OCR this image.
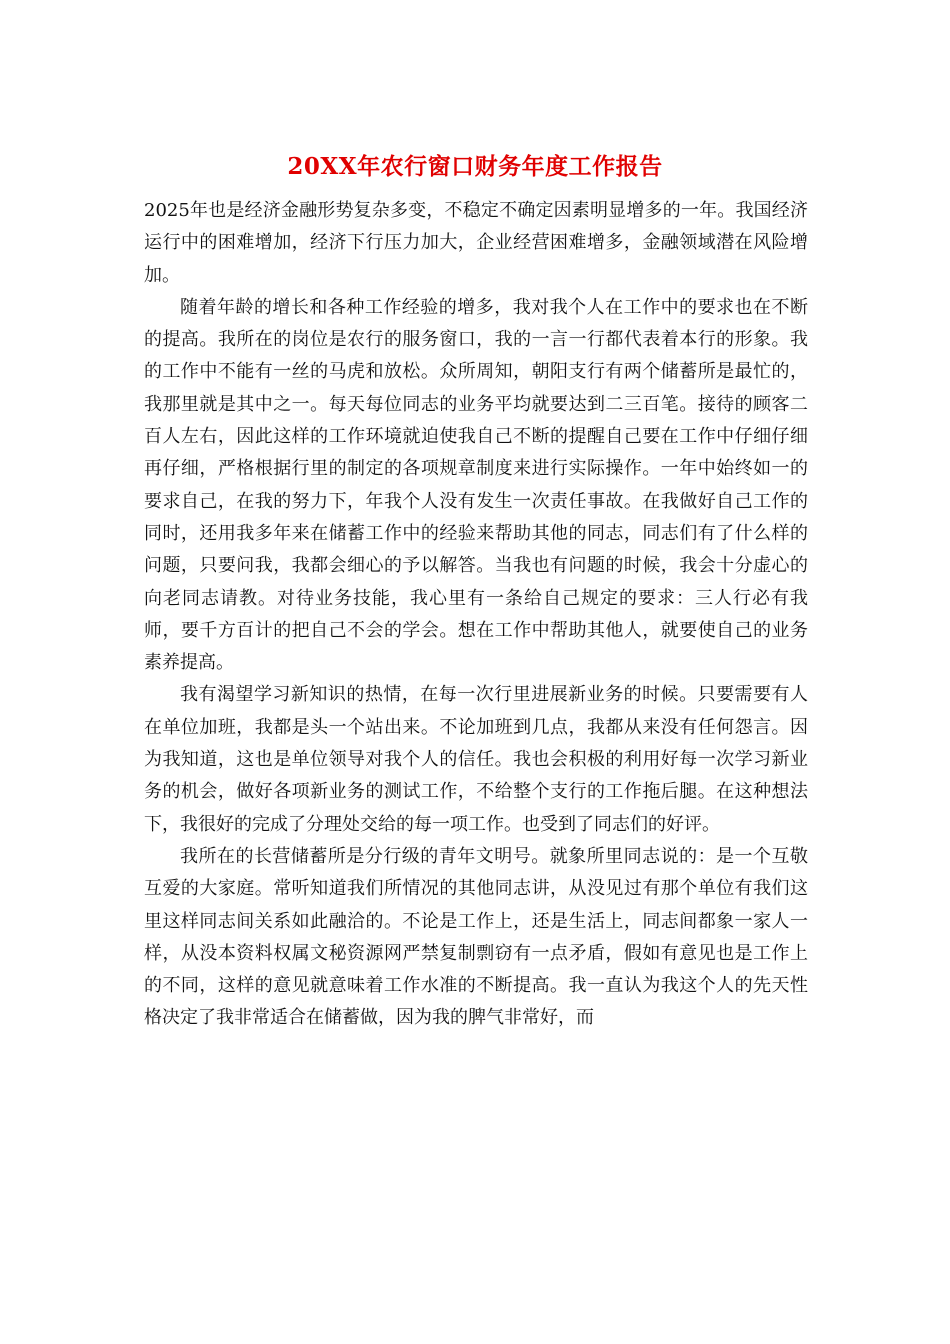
20XX年农行窗口财务年度工作报告

2025年也是经济金融形势复杂多变，不稳定不确定因素明显增多的一年。我国经济运行中的困难增加，经济下行压力加大，企业经营困难增多，金融领域潜在风险增加。

随着年龄的增长和各种工作经验的增多，我对我个人在工作中的要求也在不断的提高。我所在的岗位是农行的服务窗口，我的一言一行都代表着本行的形象。我的工作中不能有一丝的马虎和放松。众所周知，朝阳支行有两个储蓄所是最忙的，我那里就是其中之一。每天每位同志的业务平均就要达到二三百笔。接待的顾客二百人左右，因此这样的工作环境就迫使我自己不断的提醒自己要在工作中仔细仔细再仔细，严格根据行里的制定的各项规章制度来进行实际操作。一年中始终如一的要求自己，在我的努力下，年我个人没有发生一次责任事故。在我做好自己工作的同时，还用我多年来在储蓄工作中的经验来帮助其他的同志，同志们有了什么样的问题，只要问我，我都会细心的予以解答。当我也有问题的时候，我会十分虚心的向老同志请教。对待业务技能，我心里有一条给自己规定的要求：三人行必有我师，要千方百计的把自己不会的学会。想在工作中帮助其他人，就要使自己的业务素养提高。

我有渴望学习新知识的热情，在每一次行里进展新业务的时候。只要需要有人在单位加班，我都是头一个站出来。不论加班到几点，我都从来没有任何怨言。因为我知道，这也是单位领导对我个人的信任。我也会积极的利用好每一次学习新业务的机会，做好各项新业务的测试工作，不给整个支行的工作拖后腿。在这种想法下，我很好的完成了分理处交给的每一项工作。也受到了同志们的好评。

我所在的长营储蓄所是分行级的青年文明号。就象所里同志说的：是一个互敬互爱的大家庭。常听知道我们所情况的其他同志讲，从没见过有那个单位有我们这里这样同志间关系如此融洽的。不论是工作上，还是生活上，同志间都象一家人一样，从没本资料权属文秘资源网严禁复制剽窃有一点矛盾，假如有意见也是工作上的不同，这样的意见就意味着工作水准的不断提高。我一直认为我这个人的先天性格决定了我非常适合在储蓄做，因为我的脾气非常好，而
